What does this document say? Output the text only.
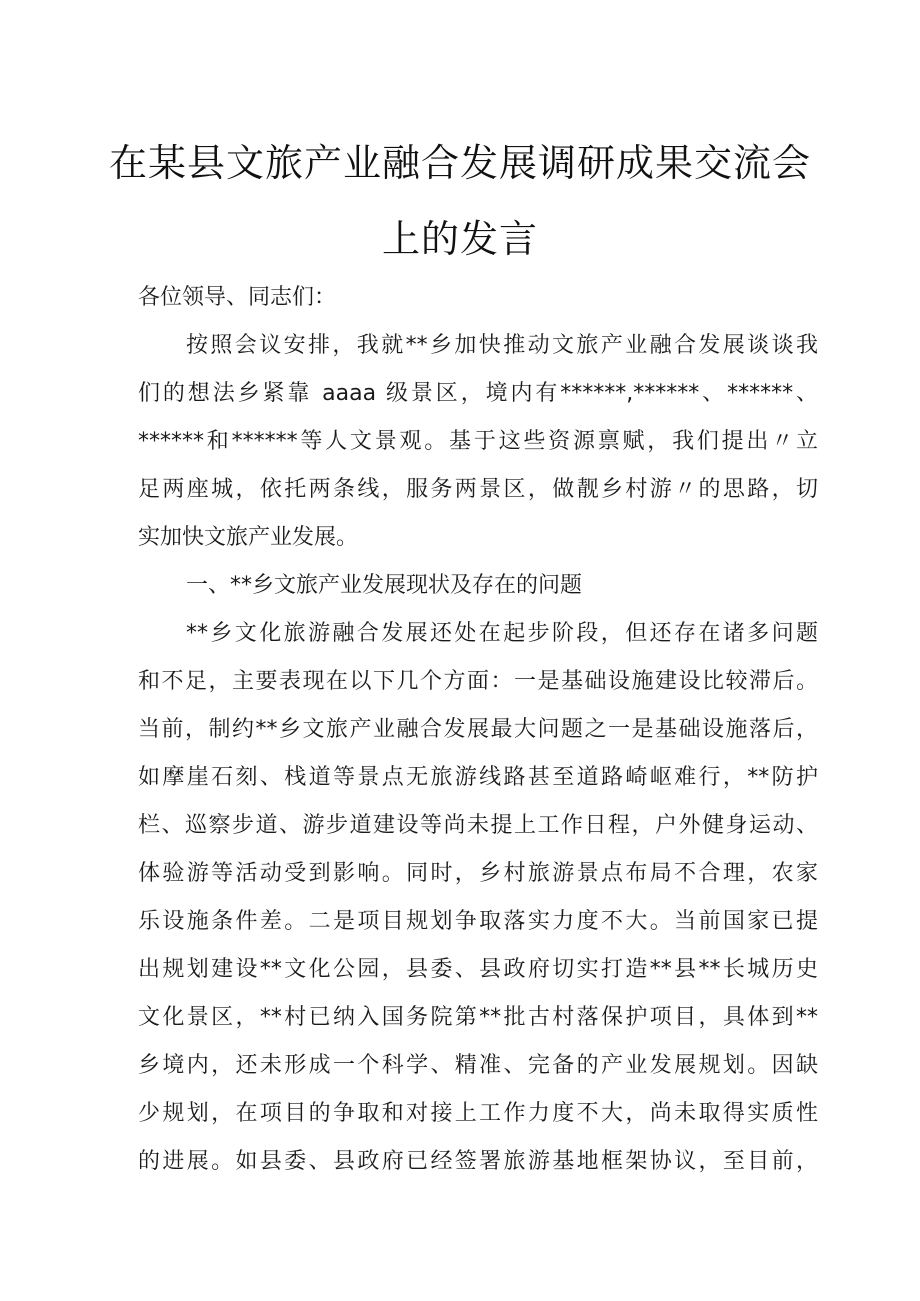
在某县文旅产业融合发展调研成果交流会
上的发言
各位领导、同志们：
按照会议安排，我就**乡加快推动文旅产业融合发展谈谈我
们的想法乡紧靠 aaaa 级景区，境内有******,******、******、
******和******等人文景观。基于这些资源禀赋，我们提出〃立
足两座城，依托两条线，服务两景区，做靓乡村游〃的思路，切
实加快文旅产业发展。
一、**乡文旅产业发展现状及存在的问题
**乡文化旅游融合发展还处在起步阶段，但还存在诸多问题
和不足，主要表现在以下几个方面：一是基础设施建设比较滞后。
当前，制约**乡文旅产业融合发展最大问题之一是基础设施落后，
如摩崖石刻、栈道等景点无旅游线路甚至道路崎岖难行，**防护
栏、巡察步道、游步道建设等尚未提上工作日程，户外健身运动、
体验游等活动受到影响。同时，乡村旅游景点布局不合理，农家
乐设施条件差。二是项目规划争取落实力度不大。当前国家已提
出规划建设**文化公园，县委、县政府切实打造**县**长城历史
文化景区，**村已纳入国务院第**批古村落保护项目，具体到**
乡境内，还未形成一个科学、精准、完备的产业发展规划。因缺
少规划，在项目的争取和对接上工作力度不大，尚未取得实质性
的进展。如县委、县政府已经签署旅游基地框架协议，至目前，
